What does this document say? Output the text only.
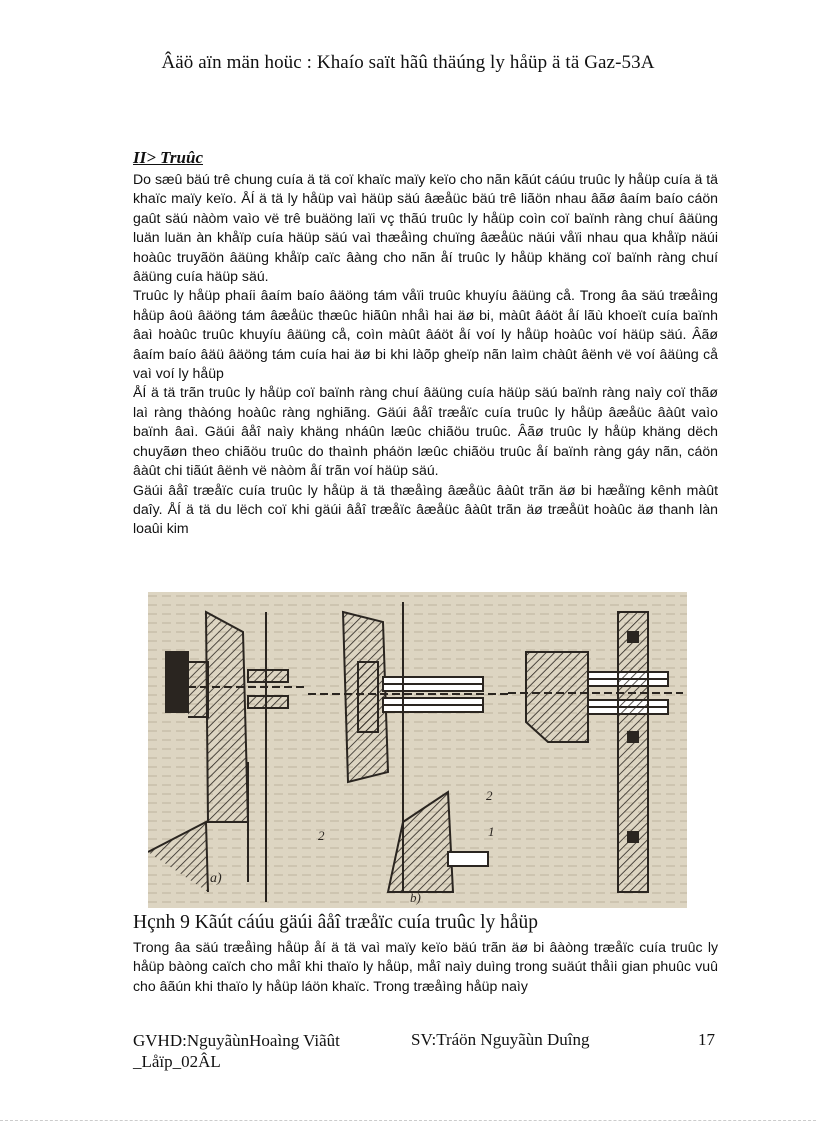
Âäö aïn män hoüc : Khaío saït hãû thäúng ly håüp ä tä Gaz-53A
II> Truûc

Do sæû bäú trê chung cuía ä tä coï khaïc maïy keïo cho nãn kãút cáúu truûc ly håüp cuía ä tä khaïc maïy keïo. ÅÍ ä tä ly håüp vaì häüp säú âæåüc bäú trê liãön nhau âãø âaím baío cáön gaût säú nàòm vaìo vë trê buäöng laïi vç thãú truûc ly håüp coìn coï baïnh ràng chuí âäüng luän luän àn khåïp cuía häüp säú vaì thæåìng chuïng âæåüc näúi våïi nhau qua khåïp näúi hoàûc truyãön âäüng khåïp caïc âàng cho nãn åí truûc ly håüp khäng coï baïnh ràng chuí âäüng cuía häüp säú.

Truûc ly håüp phaíi âaím baío âäöng tám våïi truûc khuyíu âäüng cå. Trong âa säú træåìng håüp âoü âäöng tám âæåüc thæûc hiãûn nhåì hai äø bi, màût âáöt åí lãù khoeït cuía baïnh âaì hoàûc truûc khuyíu âäüng cå, coìn màût âáöt åí voí ly håüp hoàûc voí häüp säú. Âãø âaím baío âäü âäöng tám cuía hai äø bi khi làõp gheïp nãn laìm chàût âënh vë voí âäüng cå vaì voí ly håüp

ÅÍ ä tä trãn truûc ly håüp coï baïnh ràng chuí âäüng cuía häüp säú baïnh ràng naìy coï thãø laì ràng thàóng hoàûc ràng nghiãng. Gäúi âåî træåïc cuía truûc ly håüp âæåüc âàût vaìo baïnh âaì. Gäúi âåî naìy khäng nháûn læûc chiãöu truûc. Âãø truûc ly håüp khäng dëch chuyãøn theo chiãöu truûc do thaình pháön læûc chiãöu truûc åí baïnh ràng gáy nãn, cáön âàût chi tiãút âënh vë nàòm åí trãn voí häüp säú.

Gäúi âåî træåïc cuía truûc ly håüp ä tä thæåìng âæåüc âàût trãn äø bi hæåïng kênh màût daîy. ÅÍ ä tä du lëch coï khi gäúi âåî træåïc âæåüc âàût trãn äø træåüt hoàûc äø thanh làn loaûi kim

a)
2
2
1
b)
Hçnh 9 Kãút cáúu gäúi âåî træåïc cuía truûc ly håüp

Trong âa säú træåìng håüp åí ä tä vaì maïy keïo bäú trãn äø bi âàòng træåïc cuía truûc ly håüp bàòng caïch cho måî khi thaïo ly håüp, måî naìy duìng trong suäút thåìi gian phuûc vuû cho âãún khi thaïo ly håüp láön khaïc. Trong træåìng håüp naìy

GVHD:NguyãùnHoaìng Viãût
_Låïp_02ÂL
SV:Tráön Nguyãùn Duîng	17
